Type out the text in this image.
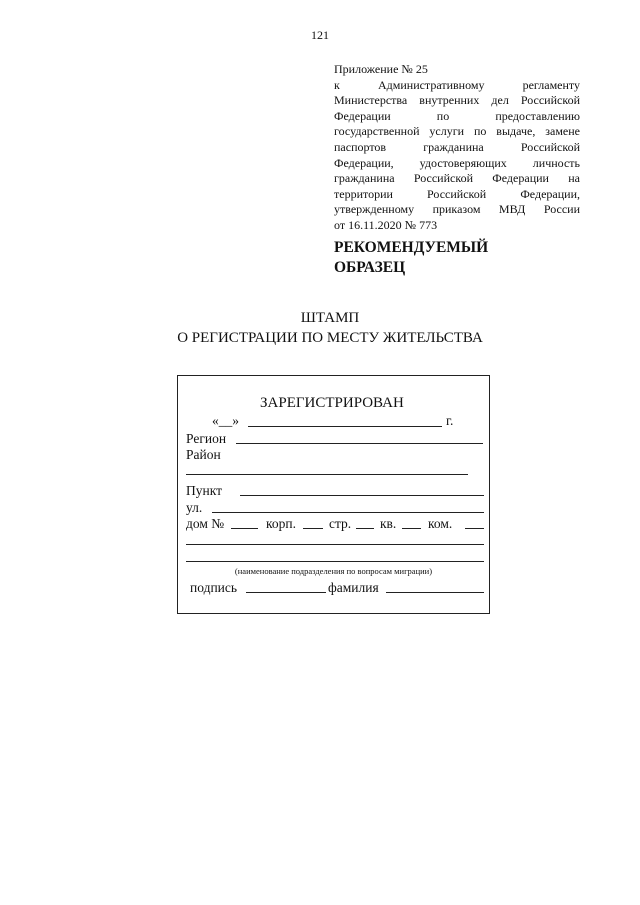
121
Приложение № 25
к Административному регламенту
Министерства внутренних дел Российской
Федерации по предоставлению
государственной услуги по выдаче, замене
паспортов гражданина Российской
Федерации, удостоверяющих личность
гражданина Российской Федерации на
территории Российской Федерации,
утвержденному приказом МВД России
от 16.11.2020 № 773
РЕКОМЕНДУЕМЫЙ
ОБРАЗЕЦ
ШТАМП
О РЕГИСТРАЦИИ ПО МЕСТУ ЖИТЕЛЬСТВА
ЗАРЕГИСТРИРОВАН
«__»	г.
Регион
Район
Пункт
ул.
дом №	корп. стр. кв. ком.
(наименование подразделения по вопросам миграции)
подпись	фамилия
